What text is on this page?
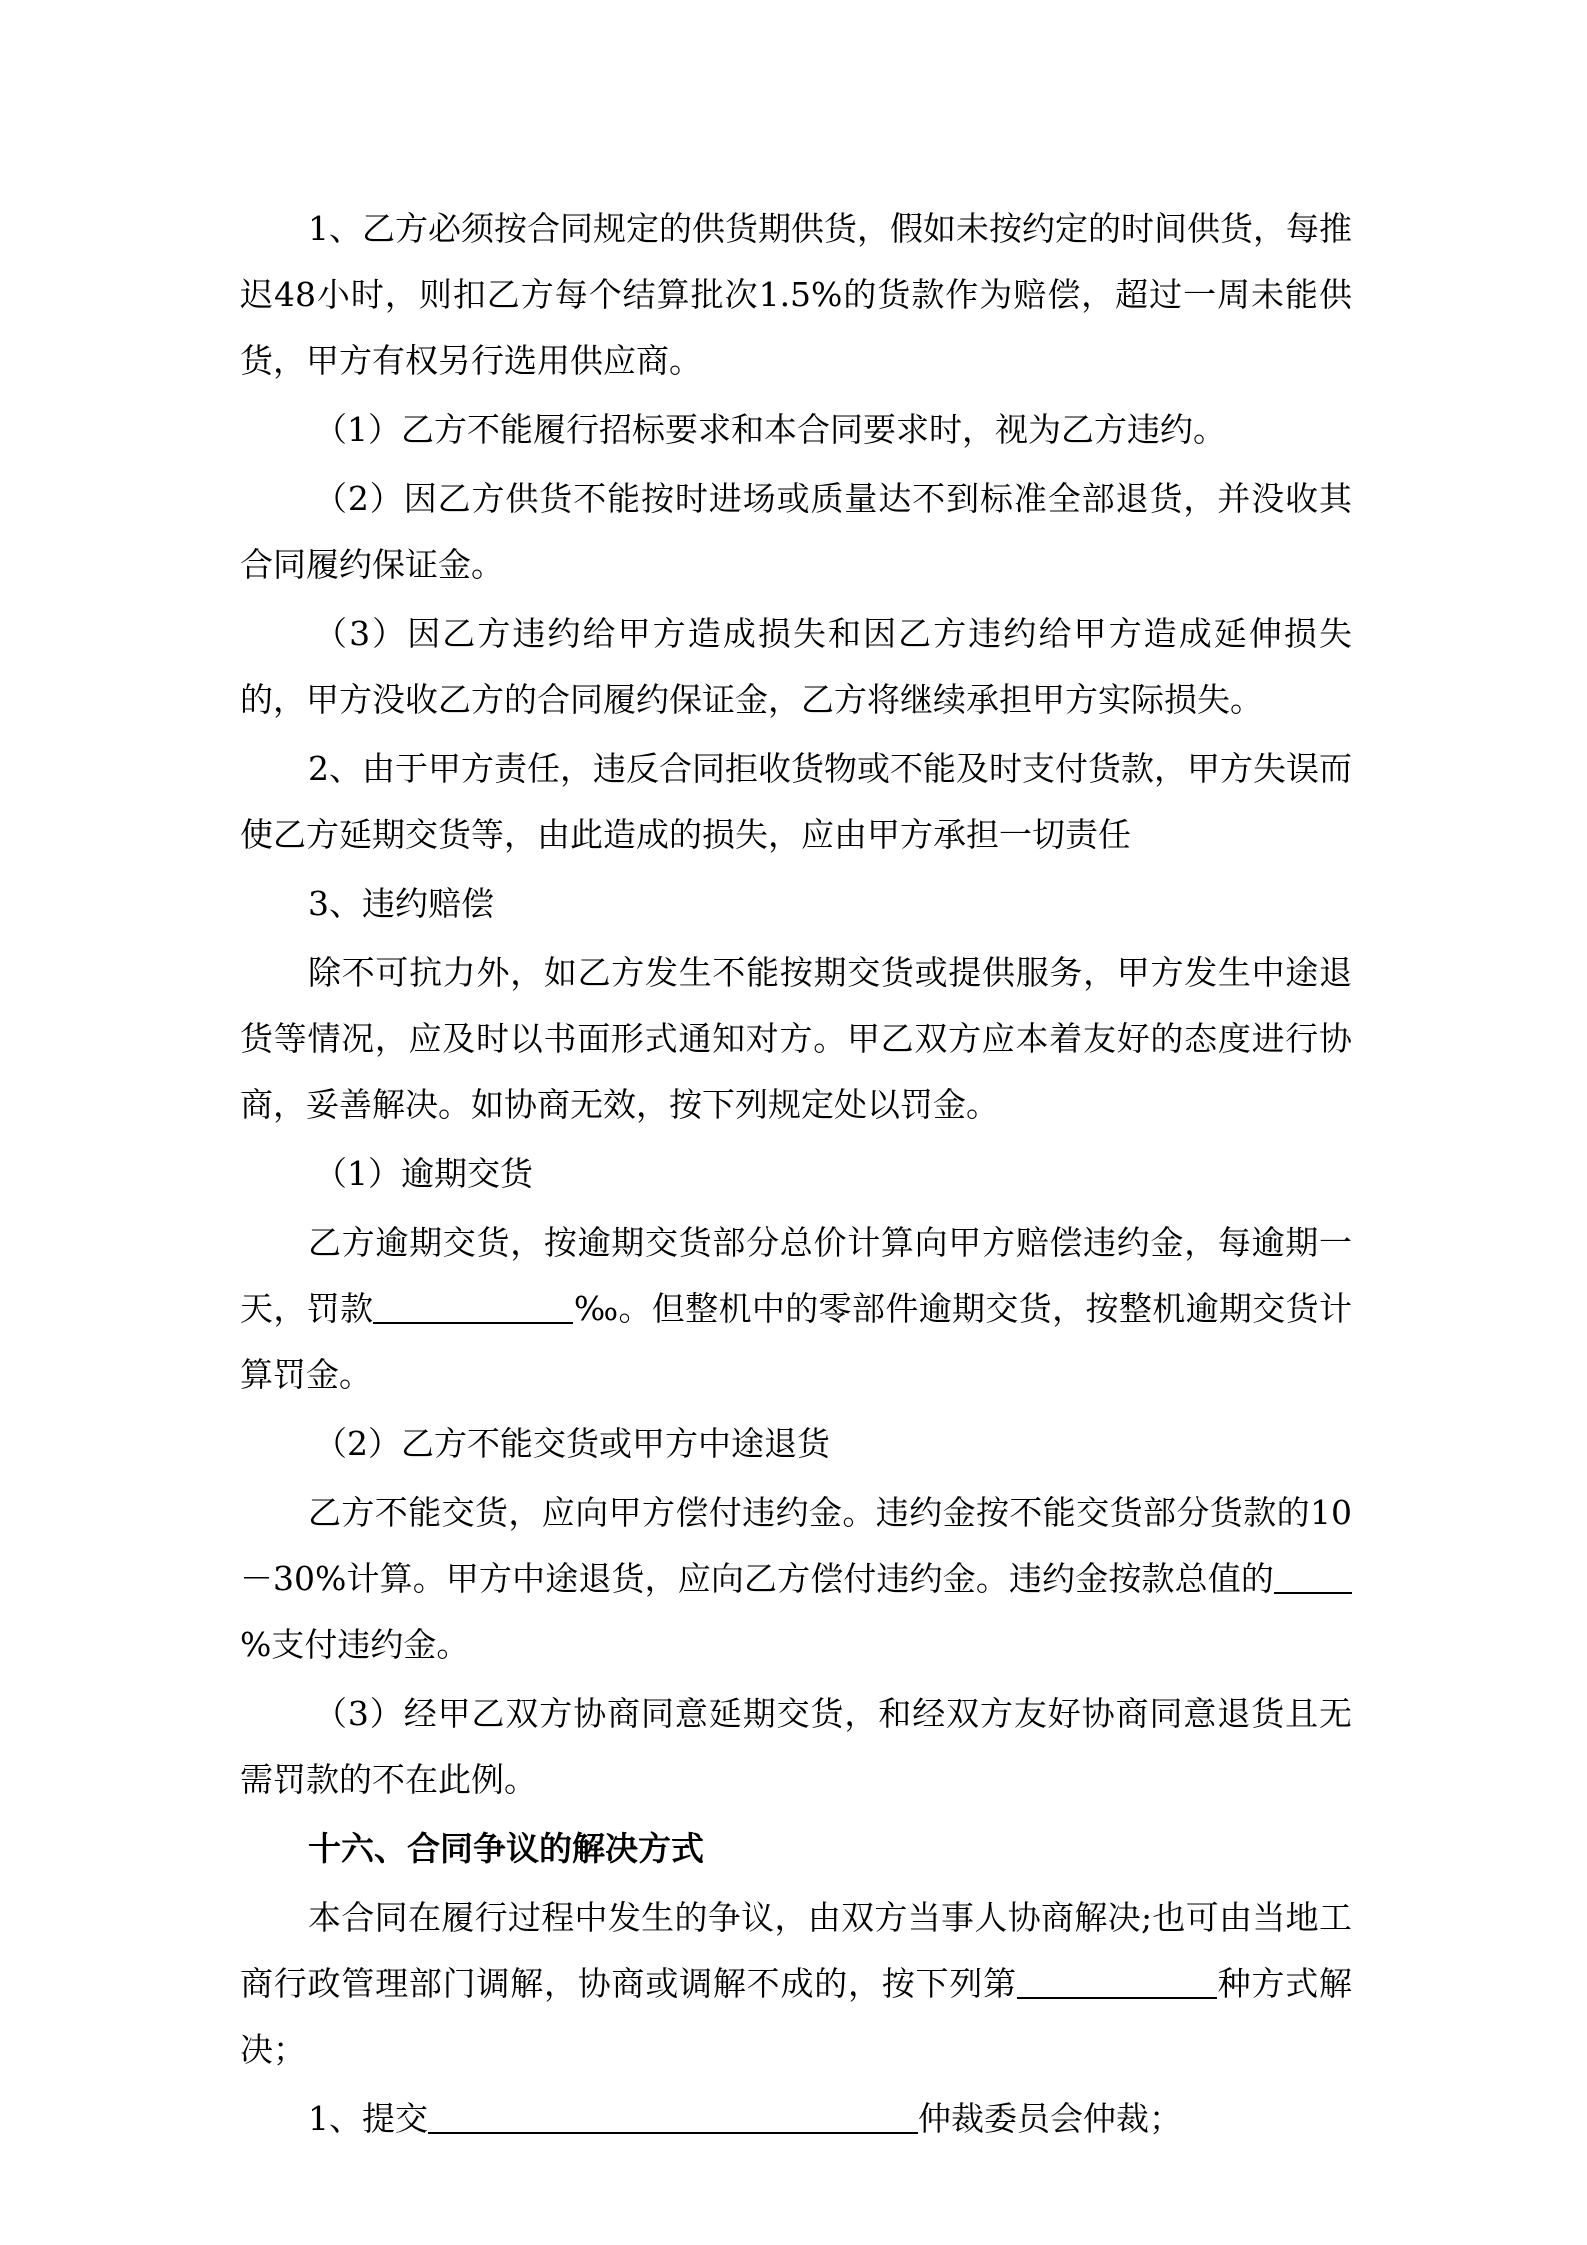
1、乙方必须按合同规定的供货期供货，假如未按约定的时间供货，每推迟48小时，则扣乙方每个结算批次1.5%的货款作为赔偿，超过一周未能供货，甲方有权另行选用供应商。

（1）乙方不能履行招标要求和本合同要求时，视为乙方违约。

（2）因乙方供货不能按时进场或质量达不到标准全部退货，并没收其合同履约保证金。

（3）因乙方违约给甲方造成损失和因乙方违约给甲方造成延伸损失的，甲方没收乙方的合同履约保证金，乙方将继续承担甲方实际损失。

2、由于甲方责任，违反合同拒收货物或不能及时支付货款，甲方失误而使乙方延期交货等，由此造成的损失，应由甲方承担一切责任

3、违约赔偿

除不可抗力外，如乙方发生不能按期交货或提供服务，甲方发生中途退货等情况，应及时以书面形式通知对方。甲乙双方应本着友好的态度进行协商，妥善解决。如协商无效，按下列规定处以罚金。

（1）逾期交货

乙方逾期交货，按逾期交货部分总价计算向甲方赔偿违约金，每逾期一天，罚款	‰。但整机中的零部件逾期交货，按整机逾期交货计算罚金。

（2）乙方不能交货或甲方中途退货

乙方不能交货，应向甲方偿付违约金。违约金按不能交货部分货款的10－30%计算。甲方中途退货，应向乙方偿付违约金。违约金按款总值的%支付违约金。

（3）经甲乙双方协商同意延期交货，和经双方友好协商同意退货且无需罚款的不在此例。

十六、合同争议的解决方式

本合同在履行过程中发生的争议，由双方当事人协商解决;也可由当地工商行政管理部门调解，协商或调解不成的，按下列第	种方式解决；

1、提交	仲裁委员会仲裁；
